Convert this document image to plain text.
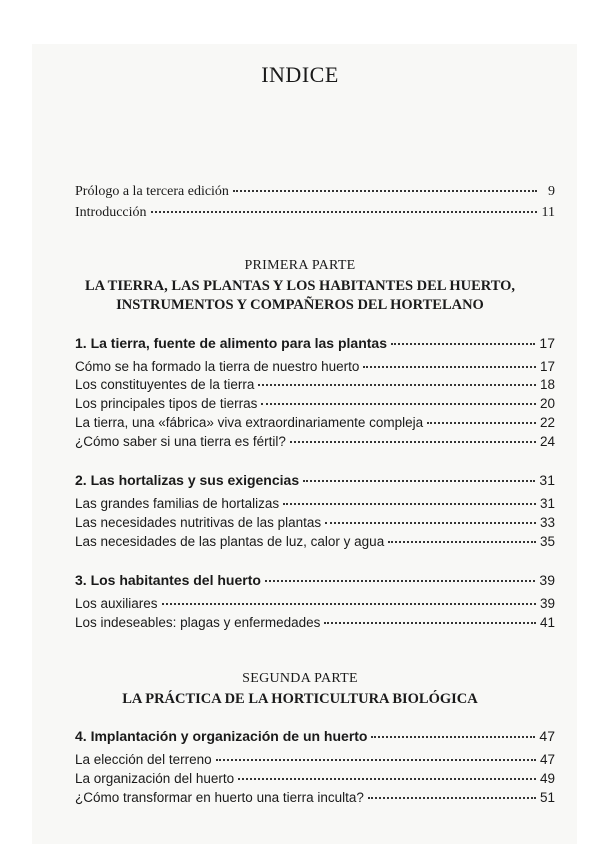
INDICE
Prólogo a la tercera edición	9
Introducción	11
PRIMERA PARTE
LA TIERRA, LAS PLANTAS Y LOS HABITANTES DEL HUERTO,
INSTRUMENTOS Y COMPAÑEROS DEL HORTELANO
1. La tierra, fuente de alimento para las plantas	17
Cómo se ha formado la tierra de nuestro huerto	17
Los constituyentes de la tierra	18
Los principales tipos de tierras	20
La tierra, una «fábrica» viva extraordinariamente compleja	22
¿Cómo saber si una tierra es fértil?	24
2. Las hortalizas y sus exigencias	31
Las grandes familias de hortalizas	31
Las necesidades nutritivas de las plantas	33
Las necesidades de las plantas de luz, calor y agua	35
3. Los habitantes del huerto	39
Los auxiliares	39
Los indeseables: plagas y enfermedades	41
SEGUNDA PARTE
LA PRÁCTICA DE LA HORTICULTURA BIOLÓGICA
4. Implantación y organización de un huerto	47
La elección del terreno	47
La organización del huerto	49
¿Cómo transformar en huerto una tierra inculta?	51
